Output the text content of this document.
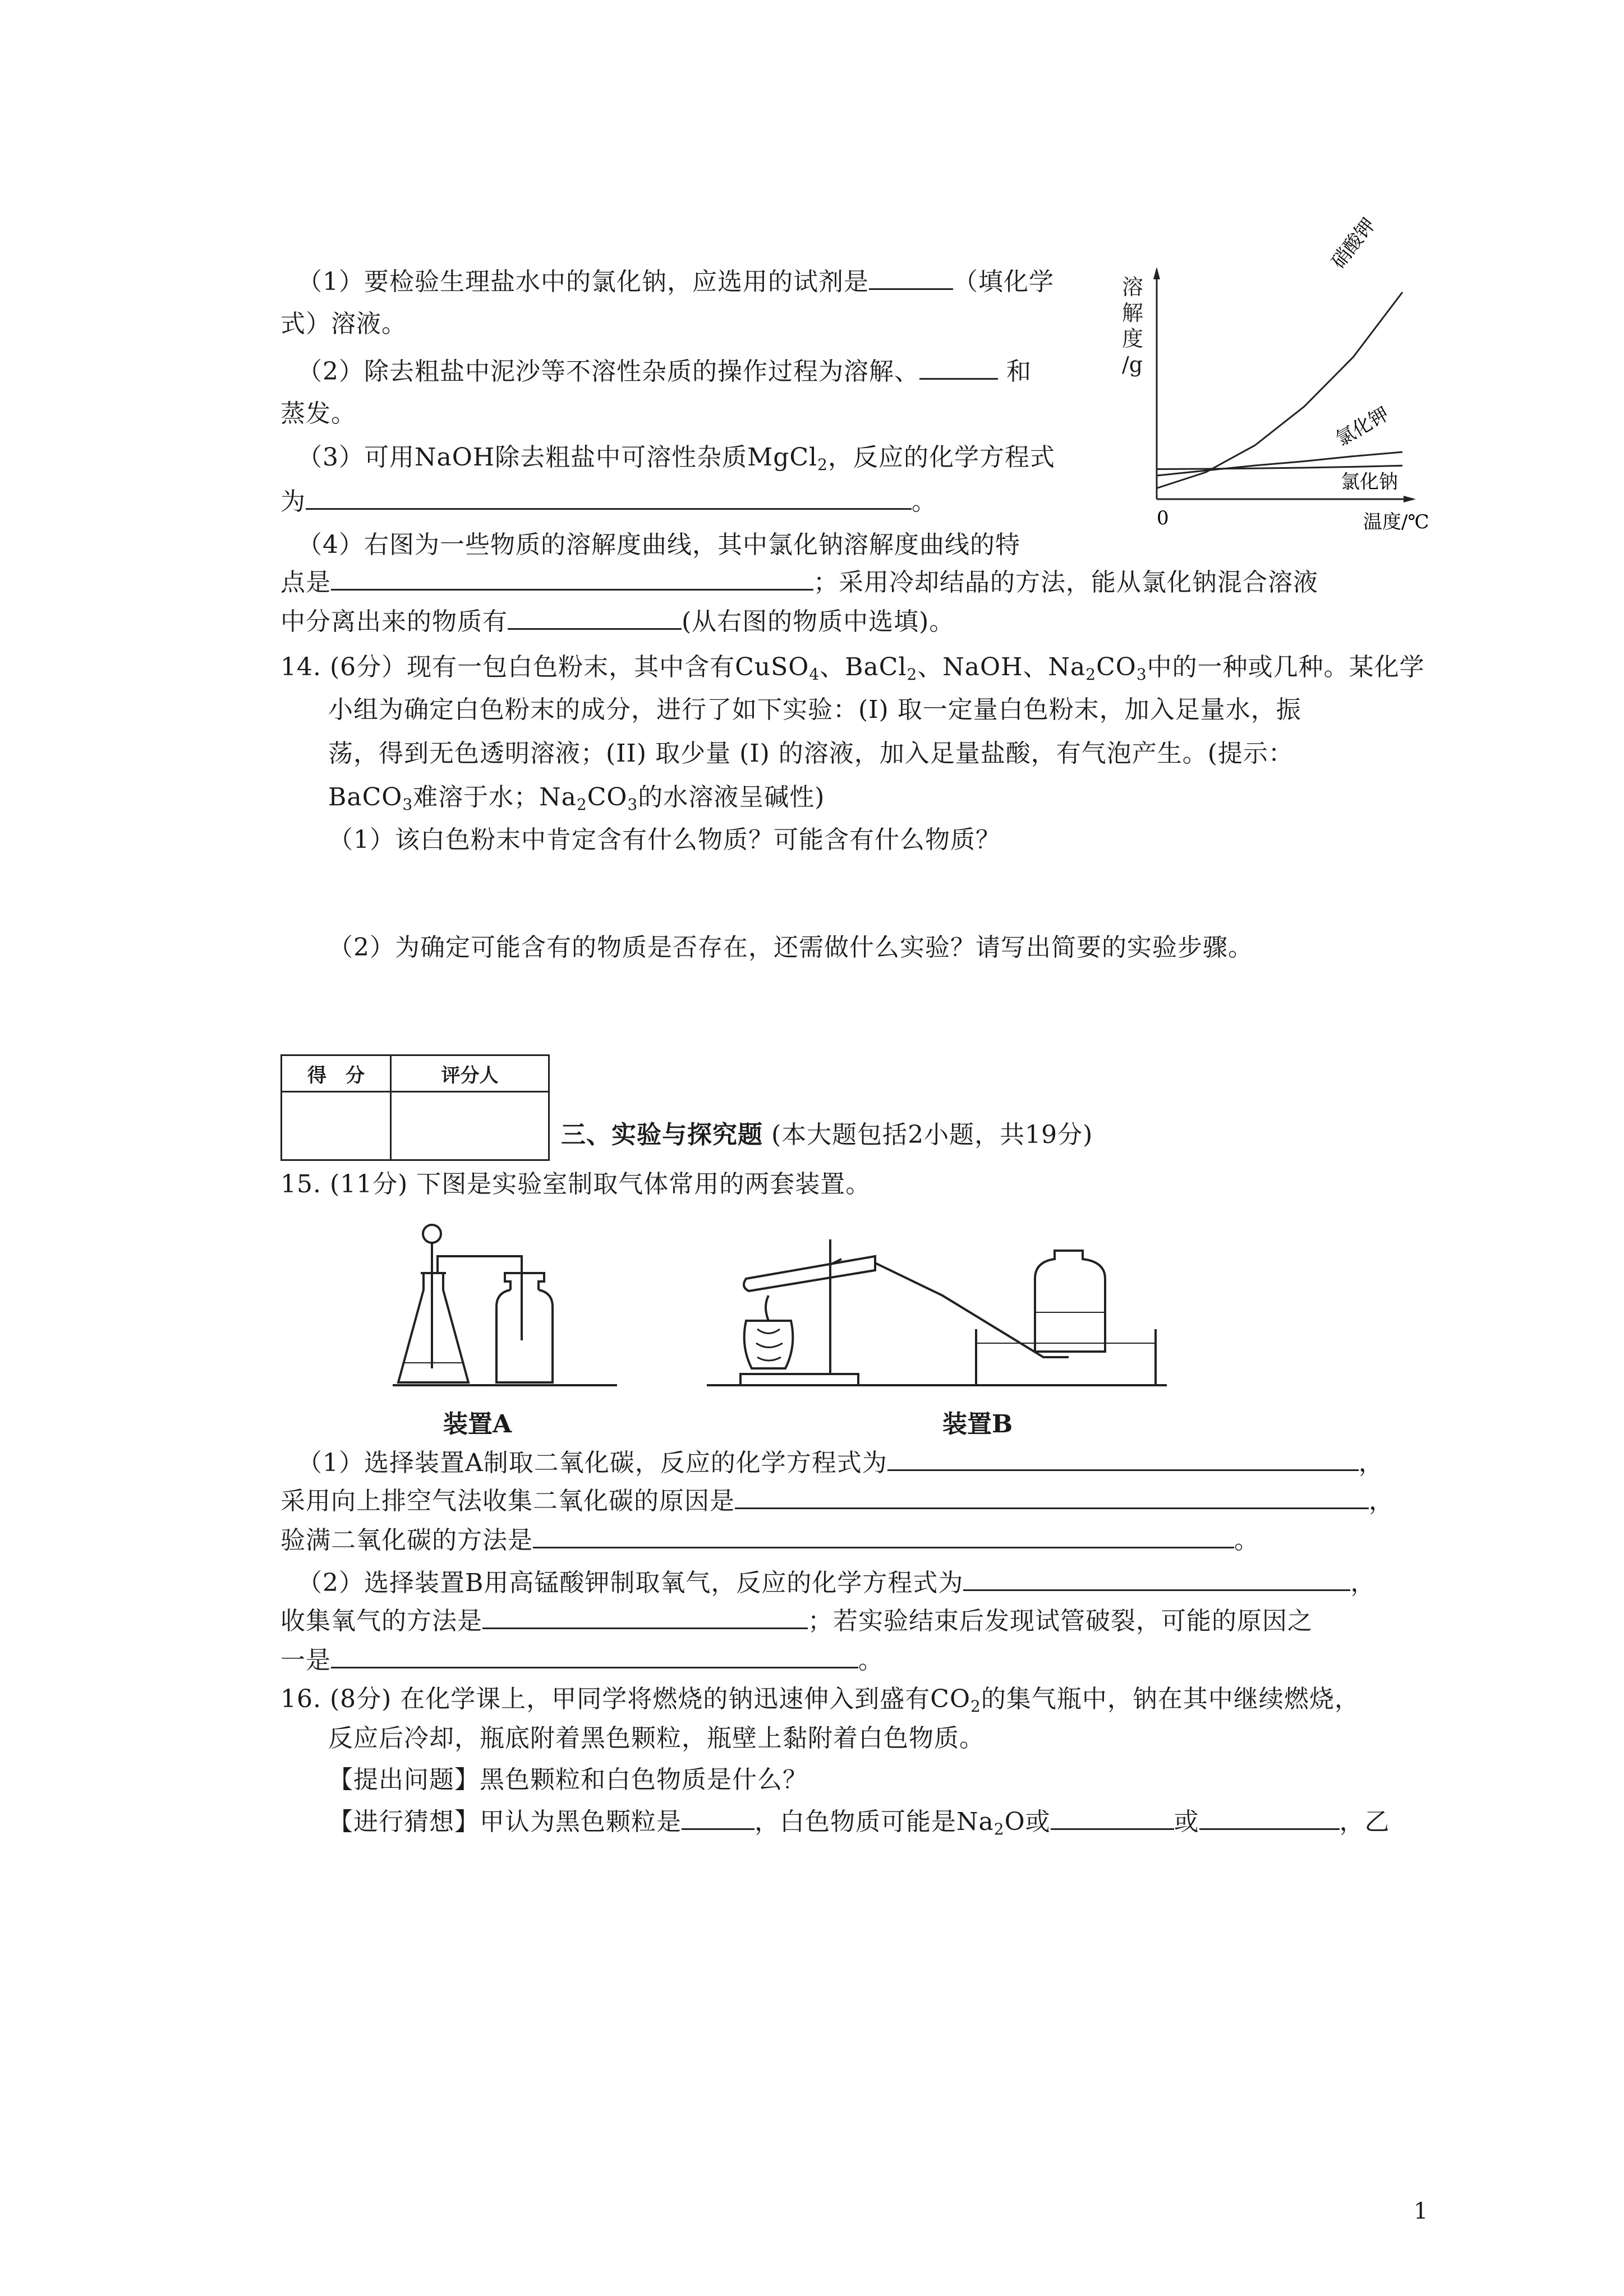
（1）要检验生理盐水中的氯化钠，应选用的试剂是	（填化学
式）溶液。
（2）除去粗盐中泥沙等不溶性杂质的操作过程为溶解、	和
蒸发。
（3）可用NaOH除去粗盐中可溶性杂质MgCl$_2$，反应的化学方程式
为	。
（4）右图为一些物质的溶解度曲线，其中氯化钠溶解度曲线的特
点是	；采用冷却结晶的方法，能从氯化钠混合溶液
中分离出来的物质有	(从右图的物质中选填)。
溶
解
度
/g
硝酸钾
氯化钾
氯化钠
0	温度/℃
14. (6分）现有一包白色粉末，其中含有CuSO$_4$、BaCl$_2$、NaOH、$Na_2CO_3$中的一种或几种。某化学
小组为确定白色粉末的成分，进行了如下实验：(I) 取一定量白色粉末，加入足量水，振
荡，得到无色透明溶液；(II) 取少量 (I) 的溶液，加入足量盐酸，有气泡产生。(提示：
BaCO$_3$难溶于水；$Na_2CO_3$的水溶液呈碱性)
（1）该白色粉末中肯定含有什么物质？可能含有什么物质？
（2）为确定可能含有的物质是否存在，还需做什么实验？请写出简要的实验步骤。
得　分	评分人

三、实验与探究题 (本大题包括2小题，共19分)
15. (11分) 下图是实验室制取气体常用的两套装置。
装置A	装置B
（1）选择装置A制取二氧化碳，反应的化学方程式为	，
采用向上排空气法收集二氧化碳的原因是	，
验满二氧化碳的方法是	。
（2）选择装置B用高锰酸钾制取氧气，反应的化学方程式为	，
收集氧气的方法是	；若实验结束后发现试管破裂，可能的原因之
一是	。
16. (8分) 在化学课上，甲同学将燃烧的钠迅速伸入到盛有$CO_2$的集气瓶中，钠在其中继续燃烧，
反应后冷却，瓶底附着黑色颗粒，瓶壁上黏附着白色物质。
【提出问题】黑色颗粒和白色物质是什么？
【进行猜想】甲认为黑色颗粒是	，白色物质可能是$Na_2O$或	或	，乙
1
